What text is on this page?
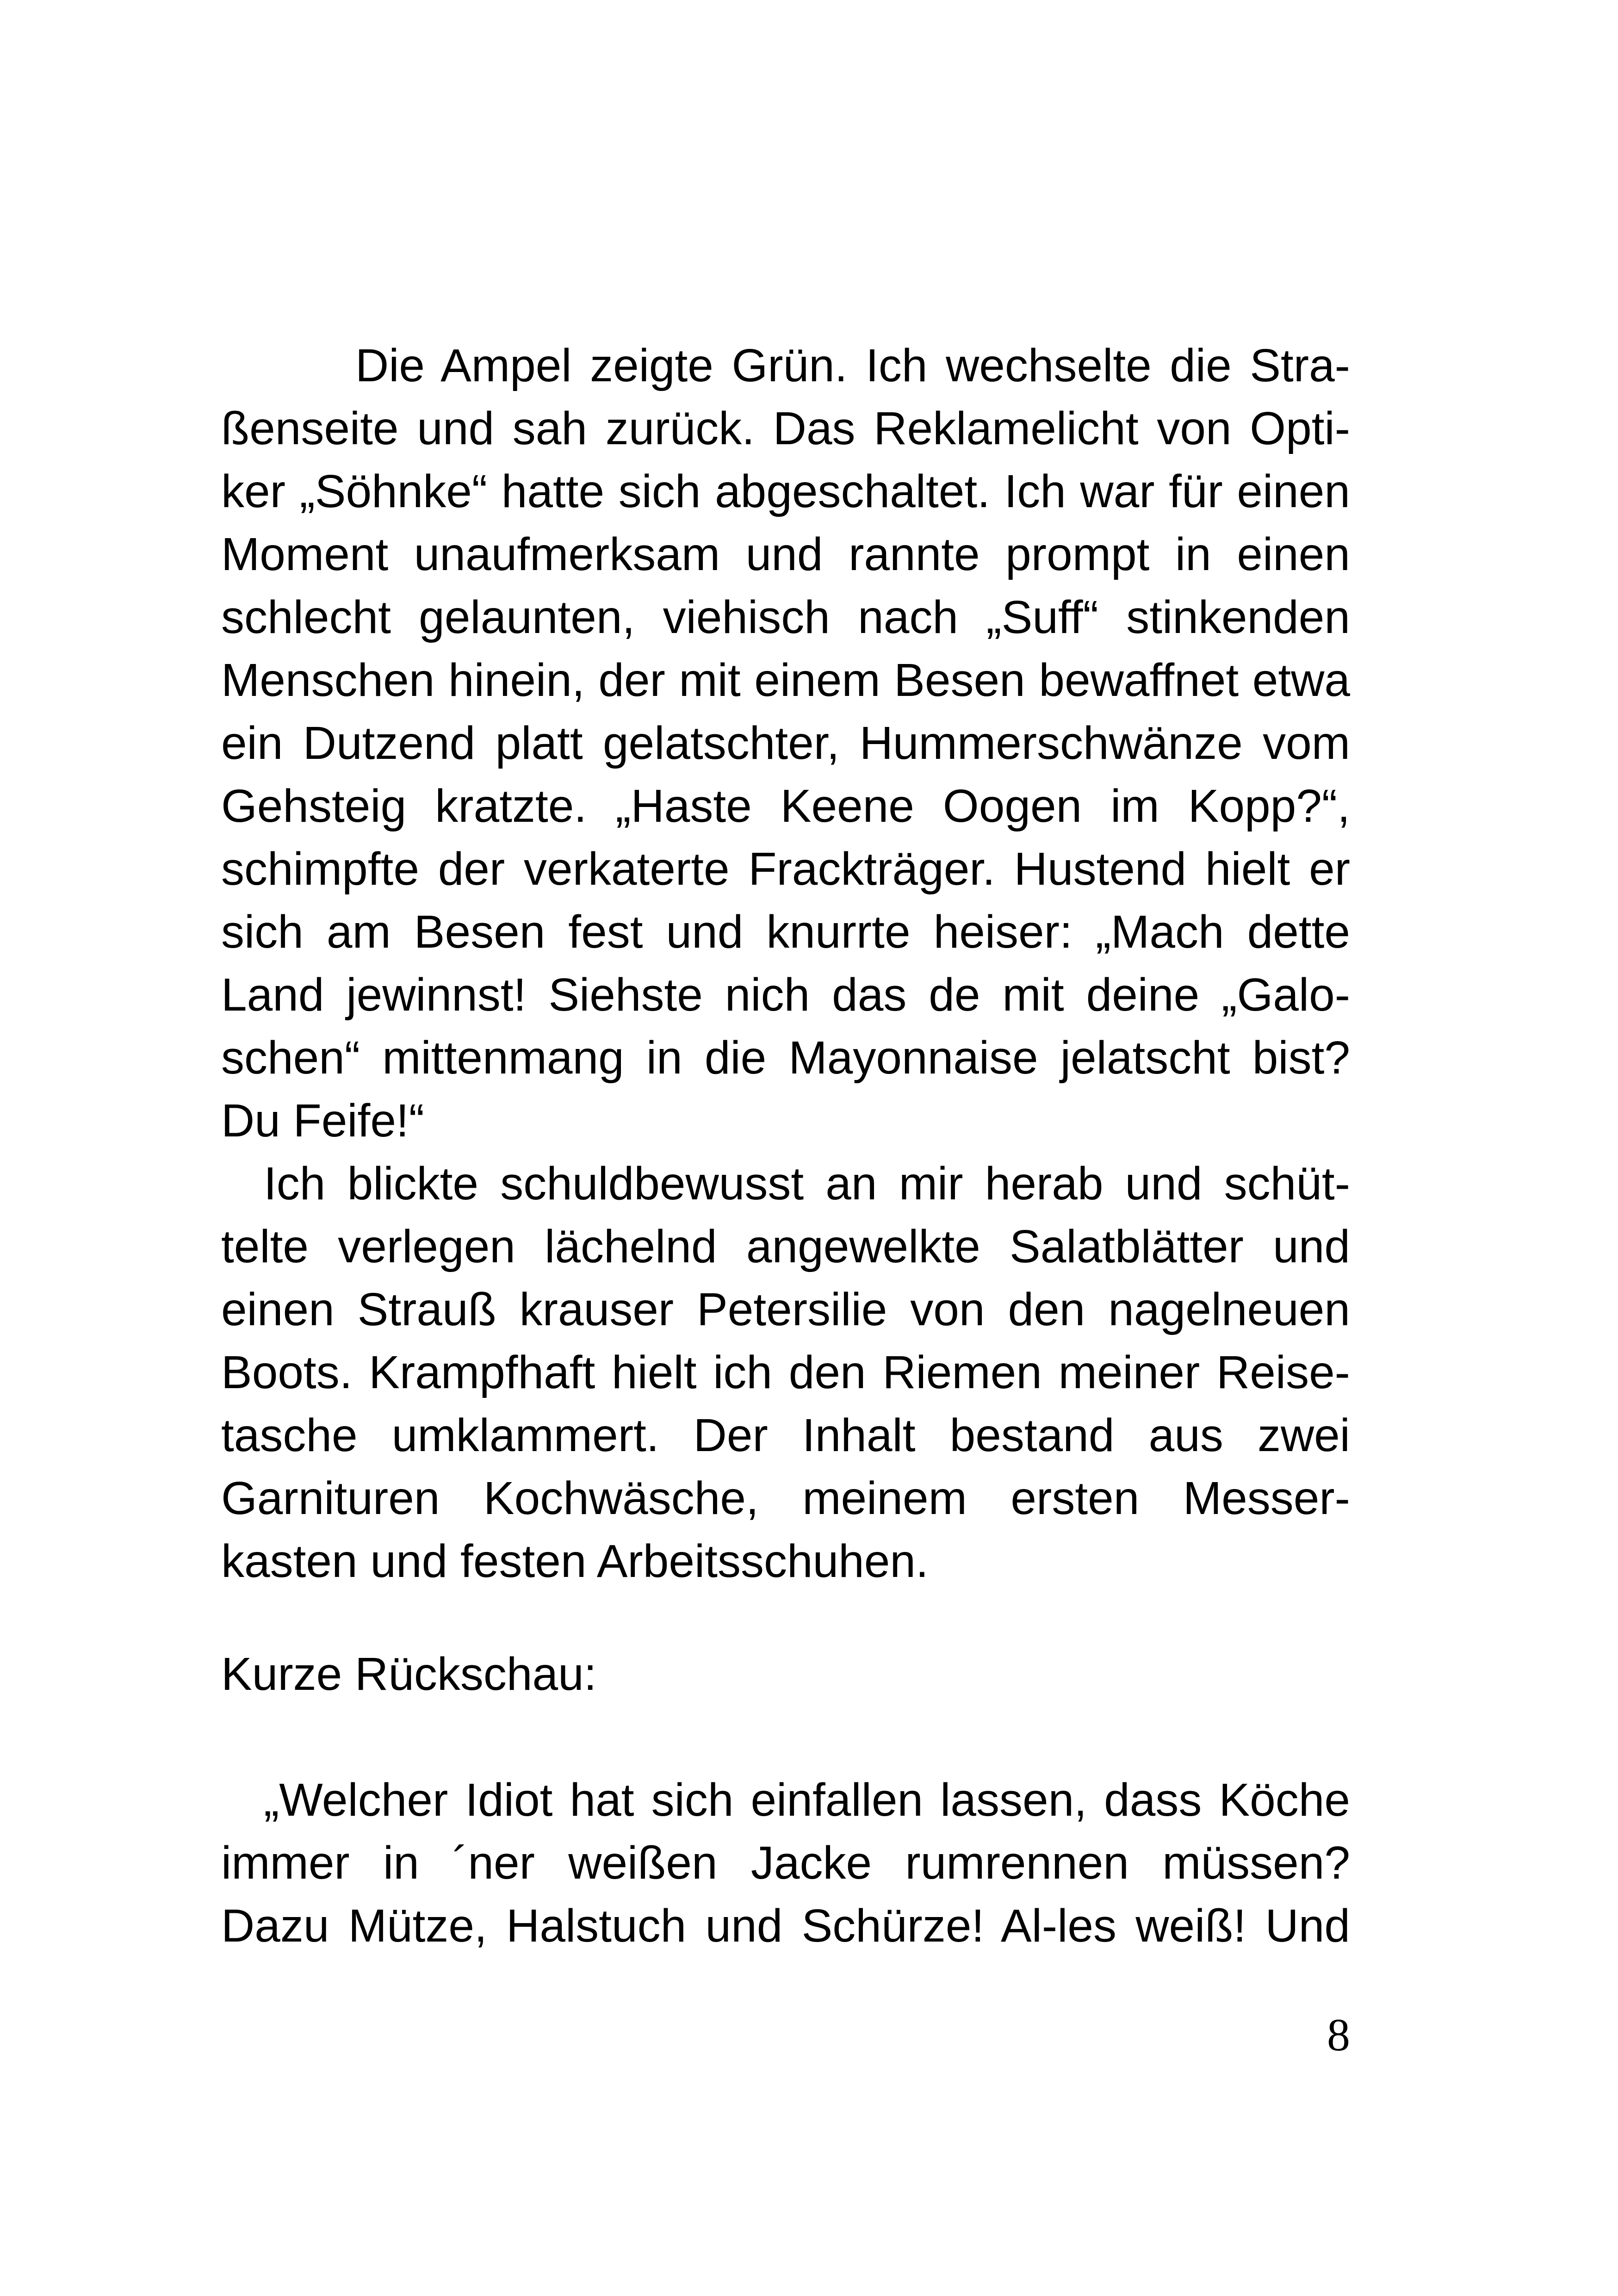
Die Ampel zeigte Grün. Ich wechselte die Stra-
ßenseite und sah zurück. Das Reklamelicht von Opti-
ker „Söhnke“ hatte sich abgeschaltet. Ich war für einen
Moment unaufmerksam und rannte prompt in einen
schlecht gelaunten, viehisch nach „Suff“ stinkenden
Menschen hinein, der mit einem Besen bewaffnet etwa
ein Dutzend platt gelatschter, Hummerschwänze vom
Gehsteig kratzte. „Haste Keene Oogen im Kopp?“,
schimpfte der verkaterte Frackträger. Hustend hielt er
sich am Besen fest und knurrte heiser: „Mach dette
Land jewinnst! Siehste nich das de mit deine „Galo-
schen“ mittenmang in die Mayonnaise jelatscht bist?
Du Feife!“
Ich blickte schuldbewusst an mir herab und schüt-
telte verlegen lächelnd angewelkte Salatblätter und
einen Strauß krauser Petersilie von den nagelneuen
Boots. Krampfhaft hielt ich den Riemen meiner Reise-
tasche umklammert. Der Inhalt bestand aus zwei
Garnituren Kochwäsche, meinem ersten Messer-
kasten und festen Arbeitsschuhen.
Kurze Rückschau:
„Welcher Idiot hat sich einfallen lassen, dass Köche
immer in ´ner weißen Jacke rumrennen müssen?
Dazu Mütze, Halstuch und Schürze! Al-les weiß! Und
8
